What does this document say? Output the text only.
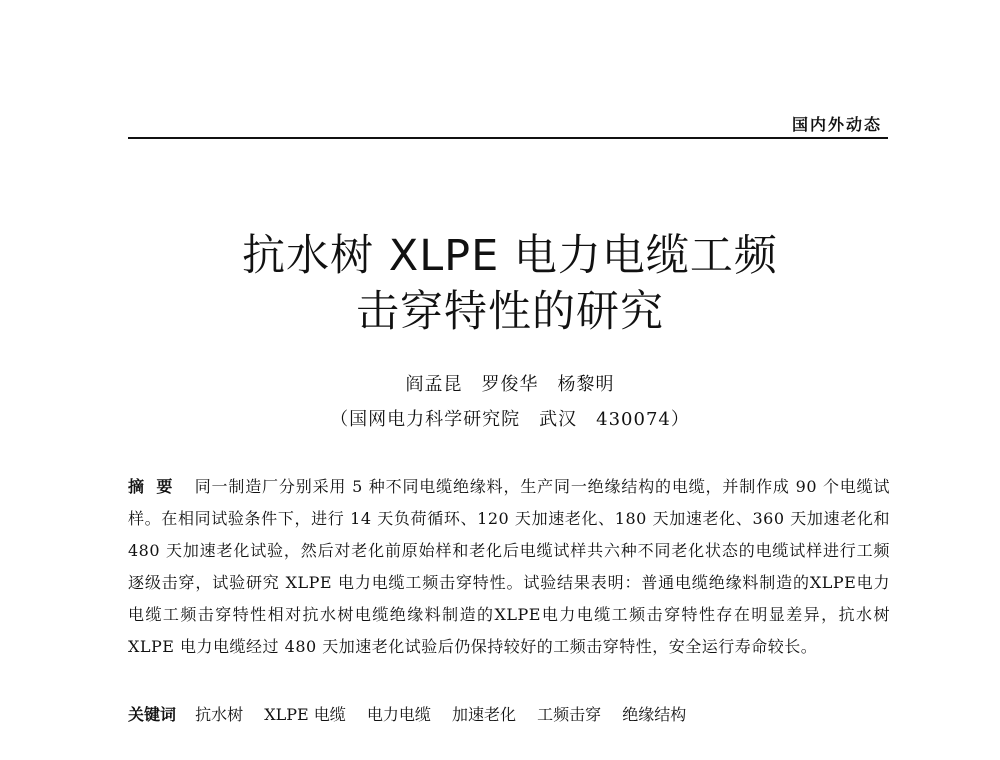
国内外动态
抗水树 XLPE 电力电缆工频
击穿特性的研究
阎孟昆　罗俊华　杨黎明
（国网电力科学研究院　武汉　430074）
摘要 同一制造厂分别采用 5 种不同电缆绝缘料，生产同一绝缘结构的电缆，并制作成 90 个电缆试样。在相同试验条件下，进行 14 天负荷循环、120 天加速老化、180 天加速老化、360 天加速老化和 480 天加速老化试验，然后对老化前原始样和老化后电缆试样共六种不同老化状态的电缆试样进行工频逐级击穿，试验研究 XLPE 电力电缆工频击穿特性。试验结果表明：普通电缆绝缘料制造的XLPE电力电缆工频击穿特性相对抗水树电缆绝缘料制造的XLPE电力电缆工频击穿特性存在明显差异，抗水树 XLPE 电力电缆经过 480 天加速老化试验后仍保持较好的工频击穿特性，安全运行寿命较长。
关键词 抗水树 XLPE 电缆 电力电缆 加速老化 工频击穿 绝缘结构
